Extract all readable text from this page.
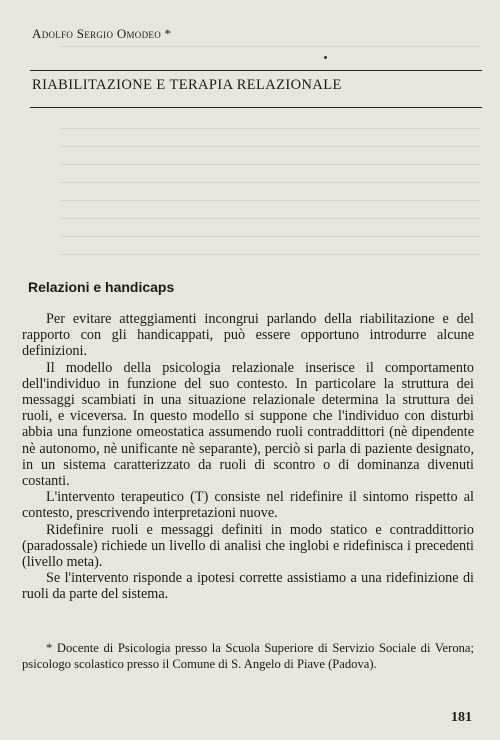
Adolfo Sergio Omodeo *
RIABILITAZIONE E TERAPIA RELAZIONALE
Relazioni e handicaps

Per evitare atteggiamenti incongrui parlando della riabilitazione e del rapporto con gli handicappati, può essere opportuno introdurre alcune definizioni.

Il modello della psicologia relazionale inserisce il comportamento dell'individuo in funzione del suo contesto. In particolare la struttura dei messaggi scambiati in una situazione relazionale determina la struttura dei ruoli, e viceversa. In questo modello si suppone che l'individuo con disturbi abbia una funzione omeostatica assumendo ruoli contraddittori (nè dipendente nè autonomo, nè unificante nè separante), perciò si parla di paziente designato, in un sistema caratterizzato da ruoli di scontro o di dominanza divenuti costanti.

L'intervento terapeutico (T) consiste nel ridefinire il sintomo rispetto al contesto, prescrivendo interpretazioni nuove.

Ridefinire ruoli e messaggi definiti in modo statico e contraddittorio (paradossale) richiede un livello di analisi che inglobi e ridefinisca i precedenti (livello meta).

Se l'intervento risponde a ipotesi corrette assistiamo a una ridefinizione di ruoli da parte del sistema.

* Docente di Psicologia presso la Scuola Superiore di Servizio Sociale di Verona; psicologo scolastico presso il Comune di S. Angelo di Piave (Padova).

181
